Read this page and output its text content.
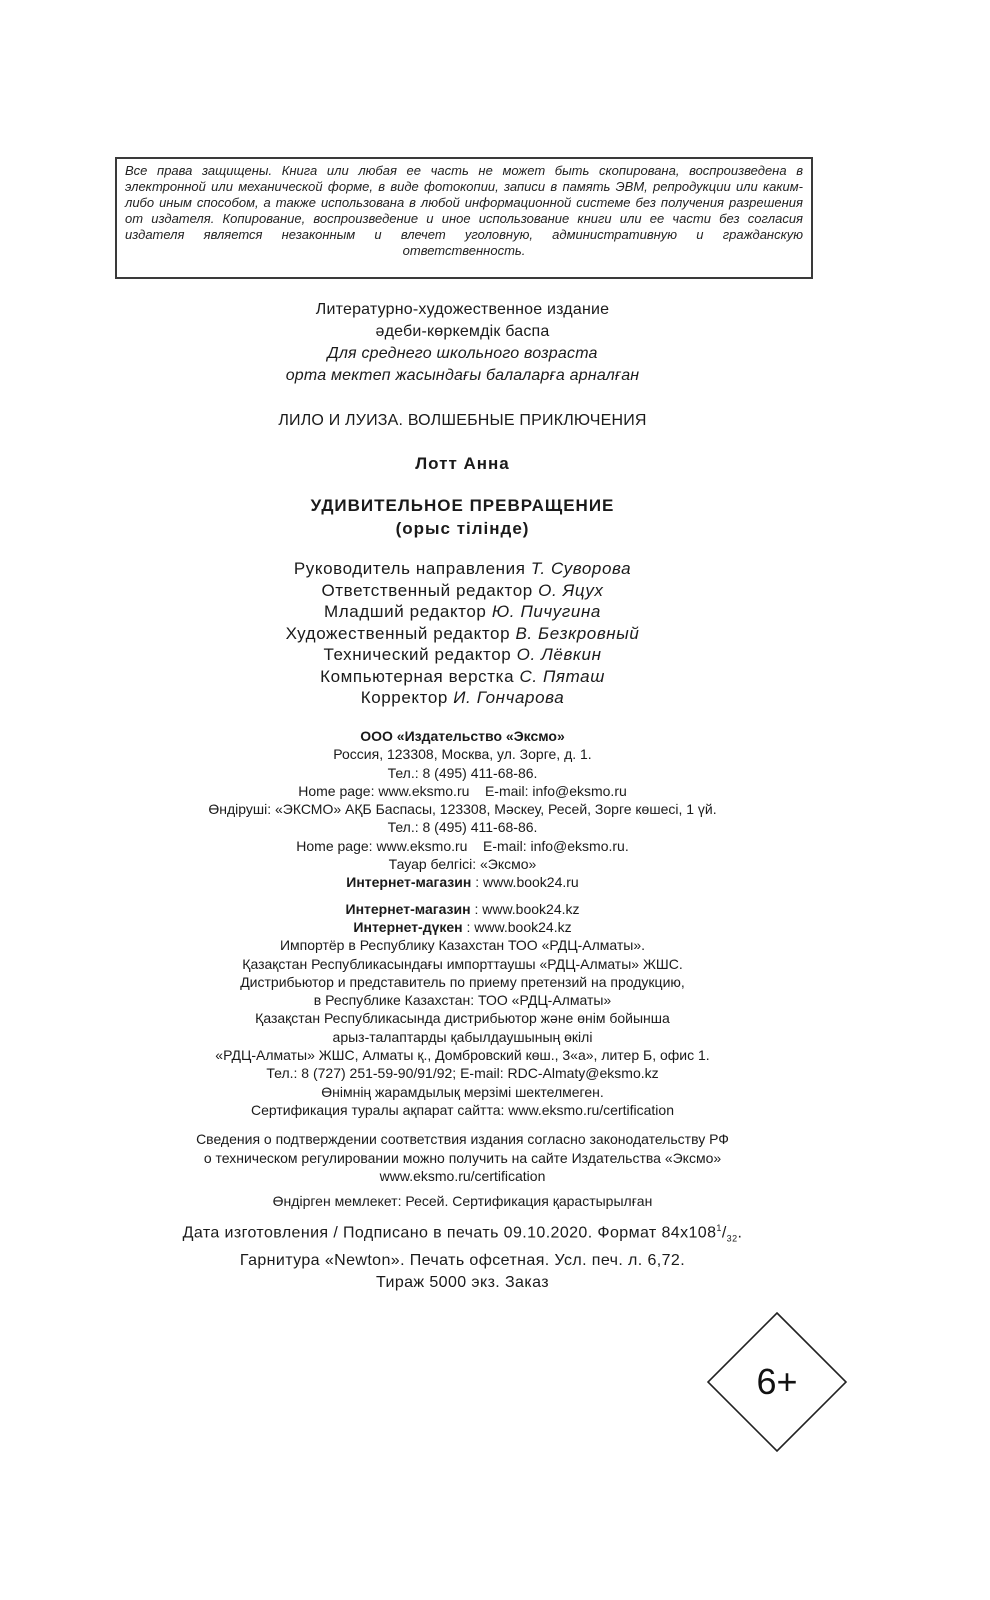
Все права защищены. Книга или любая ее часть не может быть скопирована, воспроизведена в электронной или механической форме, в виде фотокопии, записи в память ЭВМ, репродукции или каким-либо иным способом, а также использована в любой информационной системе без получения разрешения от издателя. Копирование, воспроизведение и иное использование книги или ее части без согласия издателя является незаконным и влечет уголовную, административную и гражданскую ответственность.
Литературно-художественное издание
әдеби-көркемдік баспа
Для среднего школьного возраста
орта мектеп жасындағы балаларға арналған
ЛИЛО И ЛУИЗА. ВОЛШЕБНЫЕ ПРИКЛЮЧЕНИЯ
Лотт Анна
УДИВИТЕЛЬНОЕ ПРЕВРАЩЕНИЕ
(орыс тілінде)
Руководитель направления Т. Суворова
Ответственный редактор О. Яцух
Младший редактор Ю. Пичугина
Художественный редактор В. Безкровный
Технический редактор О. Лёвкин
Компьютерная верстка С. Пяташ
Корректор И. Гончарова
ООО «Издательство «Эксмо»
Россия, 123308, Москва, ул. Зорге, д. 1.
Тел.: 8 (495) 411-68-86.
Home page: www.eksmo.ru    E-mail: info@eksmo.ru
Өндіруші: «ЭКСМО» АҚБ Баспасы, 123308, Мәскеу, Ресей, Зорге көшесі, 1 үй.
Тел.: 8 (495) 411-68-86.
Home page: www.eksmo.ru    E-mail: info@eksmo.ru.
Тауар белгісі: «Эксмо»
Интернет-магазин : www.book24.ru
Интернет-магазин : www.book24.kz
Интернет-дүкен : www.book24.kz
Импортёр в Республику Казахстан ТОО «РДЦ-Алматы».
Қазақстан Республикасындағы импорттаушы «РДЦ-Алматы» ЖШС.
Дистрибьютор и представитель по приему претензий на продукцию,
в Республике Казахстан: ТОО «РДЦ-Алматы»
Қазақстан Республикасында дистрибьютор және өнім бойынша
арыз-талаптарды қабылдаушының өкілі
«РДЦ-Алматы» ЖШС, Алматы қ., Домбровский көш., 3«а», литер Б, офис 1.
Тел.: 8 (727) 251-59-90/91/92; E-mail: RDC-Almaty@eksmo.kz
Өнімнің жарамдылық мерзімі шектелмеген.
Сертификация туралы ақпарат сайтта: www.eksmo.ru/certification
Сведения о подтверждении соответствия издания согласно законодательству РФ
о техническом регулировании можно получить на сайте Издательства «Эксмо»
www.eksmo.ru/certification
Өндірген мемлекет: Ресей. Сертификация қарастырылған
Дата изготовления / Подписано в печать 09.10.2020. Формат $84x108^1/_{32}$.
Гарнитура «Newton». Печать офсетная. Усл. печ. л. 6,72.
Тираж 5000 экз. Заказ
6+
